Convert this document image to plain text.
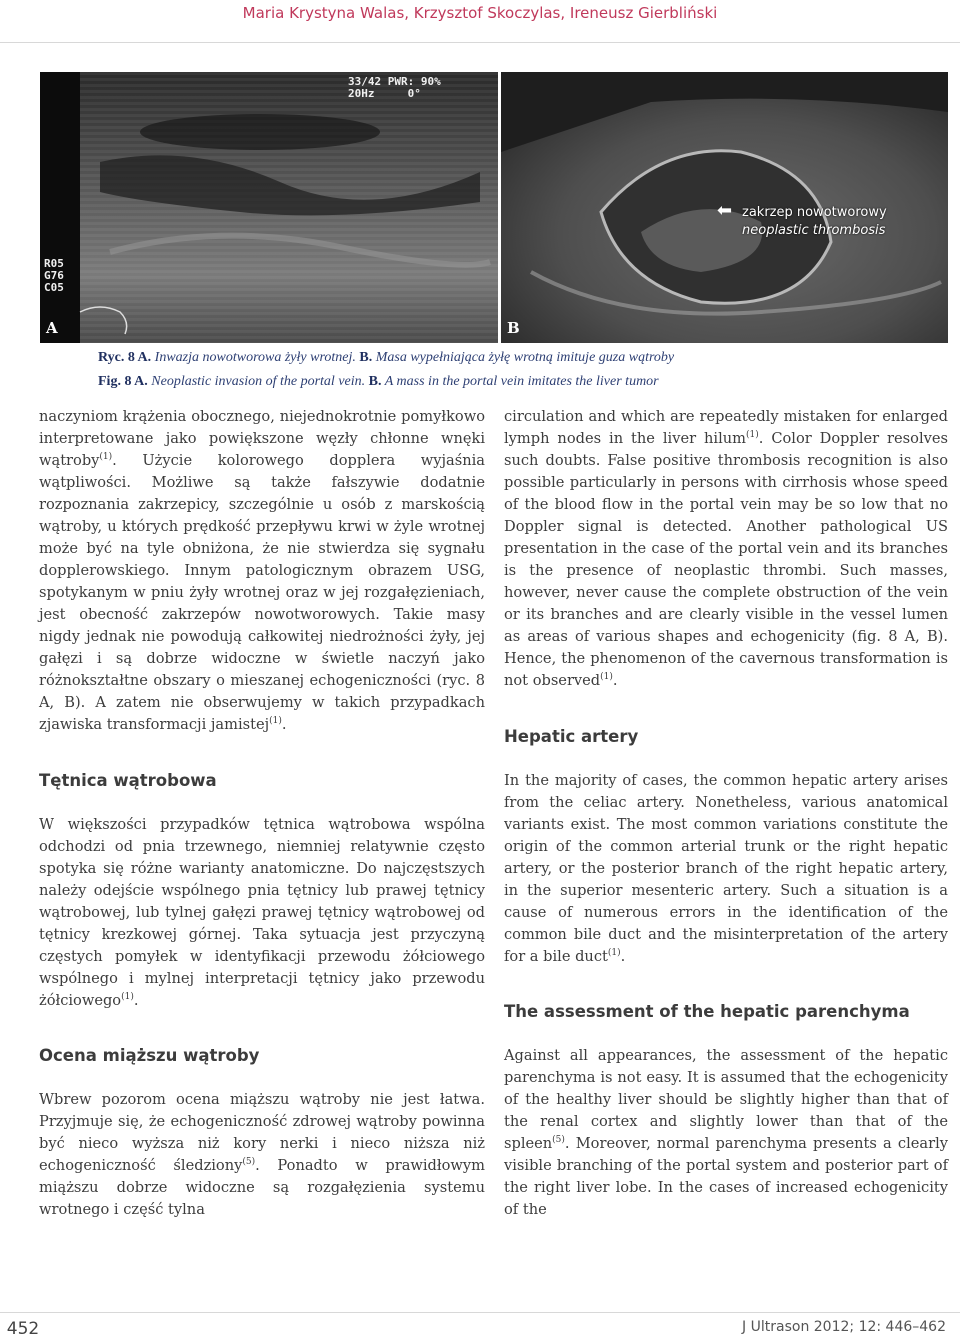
Maria Krystyna Walas, Krzysztof Skoczylas, Ireneusz Gierbliński
33/42 PWR: 90%
20Hz	0°
R05
G76
C05
A	B
⬅ zakrzep nowotworowy
neoplastic thrombosis
Ryc. 8 A. Inwazja nowotworowa żyły wrotnej. B. Masa wypełniająca żyłę wrotną imituje guza wątroby
Fig. 8 A. Neoplastic invasion of the portal vein. B. A mass in the portal vein imitates the liver tumor

naczyniom krążenia obocznego, niejednokrotnie pomyłkowo interpretowane jako powiększone węzły chłonne wnęki wątroby$^{(1)}$. Użycie kolorowego dopplera wyjaśnia wątpliwości. Możliwe są także fałszywie dodatnie rozpoznania zakrzepicy, szczególnie u osób z marskością wątroby, u których prędkość przepływu krwi w żyle wrotnej może być na tyle obniżona, że nie stwierdza się sygnału dopplerowskiego. Innym patologicznym obrazem USG, spotykanym w pniu żyły wrotnej oraz w jej rozgałęzieniach, jest obecność zakrzepów nowotworowych. Takie masy nigdy jednak nie powodują całkowitej niedrożności żyły, jej gałęzi i są dobrze widoczne w świetle naczyń jako różnokształtne obszary o mieszanej echogeniczności (ryc. 8 A, B). A zatem nie obserwujemy w takich przypadkach zjawiska transformacji jamistej$^{(1)}$.

Tętnica wątrobowa

W większości przypadków tętnica wątrobowa wspólna odchodzi od pnia trzewnego, niemniej relatywnie często spotyka się różne warianty anatomiczne. Do najczęstszych należy odejście wspólnego pnia tętnicy lub prawej tętnicy wątrobowej, lub tylnej gałęzi prawej tętnicy wątrobowej od tętnicy krezkowej górnej. Taka sytuacja jest przyczyną częstych pomyłek w identyfikacji przewodu żółciowego wspólnego i mylnej interpretacji tętnicy jako przewodu żółciowego$^{(1)}$.

Ocena miąższu wątroby

Wbrew pozorom ocena miąższu wątroby nie jest łatwa. Przyjmuje się, że echogeniczność zdrowej wątroby powinna być nieco wyższa niż kory nerki i nieco niższa niż echogeniczność śledziony$^{(5)}$. Ponadto w prawidłowym miąższu dobrze widoczne są rozgałęzienia systemu wrotnego i część tylna

circulation and which are repeatedly mistaken for enlarged lymph nodes in the liver hilum$^{(1)}$. Color Doppler resolves such doubts. False positive thrombosis recognition is also possible particularly in persons with cirrhosis whose speed of the blood flow in the portal vein may be so low that no Doppler signal is detected. Another pathological US presentation in the case of the portal vein and its branches is the presence of neoplastic thrombi. Such masses, however, never cause the complete obstruction of the vein or its branches and are clearly visible in the vessel lumen as areas of various shapes and echogenicity (fig. 8 A, B). Hence, the phenomenon of the cavernous transformation is not observed$^{(1)}$.

Hepatic artery

In the majority of cases, the common hepatic artery arises from the celiac artery. Nonetheless, various anatomical variants exist. The most common variations constitute the origin of the common arterial trunk or the right hepatic artery, or the posterior branch of the right hepatic artery, in the superior mesenteric artery. Such a situation is a cause of numerous errors in the identification of the common bile duct and the misinterpretation of the artery for a bile duct$^{(1)}$.

The assessment of the hepatic parenchyma

Against all appearances, the assessment of the hepatic parenchyma is not easy. It is assumed that the echogenicity of the healthy liver should be slightly higher than that of the renal cortex and slightly lower than that of the spleen$^{(5)}$. Moreover, normal parenchyma presents a clearly visible branching of the portal system and posterior part of the right liver lobe. In the cases of increased echogenicity of the

452	J Ultrason 2012; 12: 446–462
